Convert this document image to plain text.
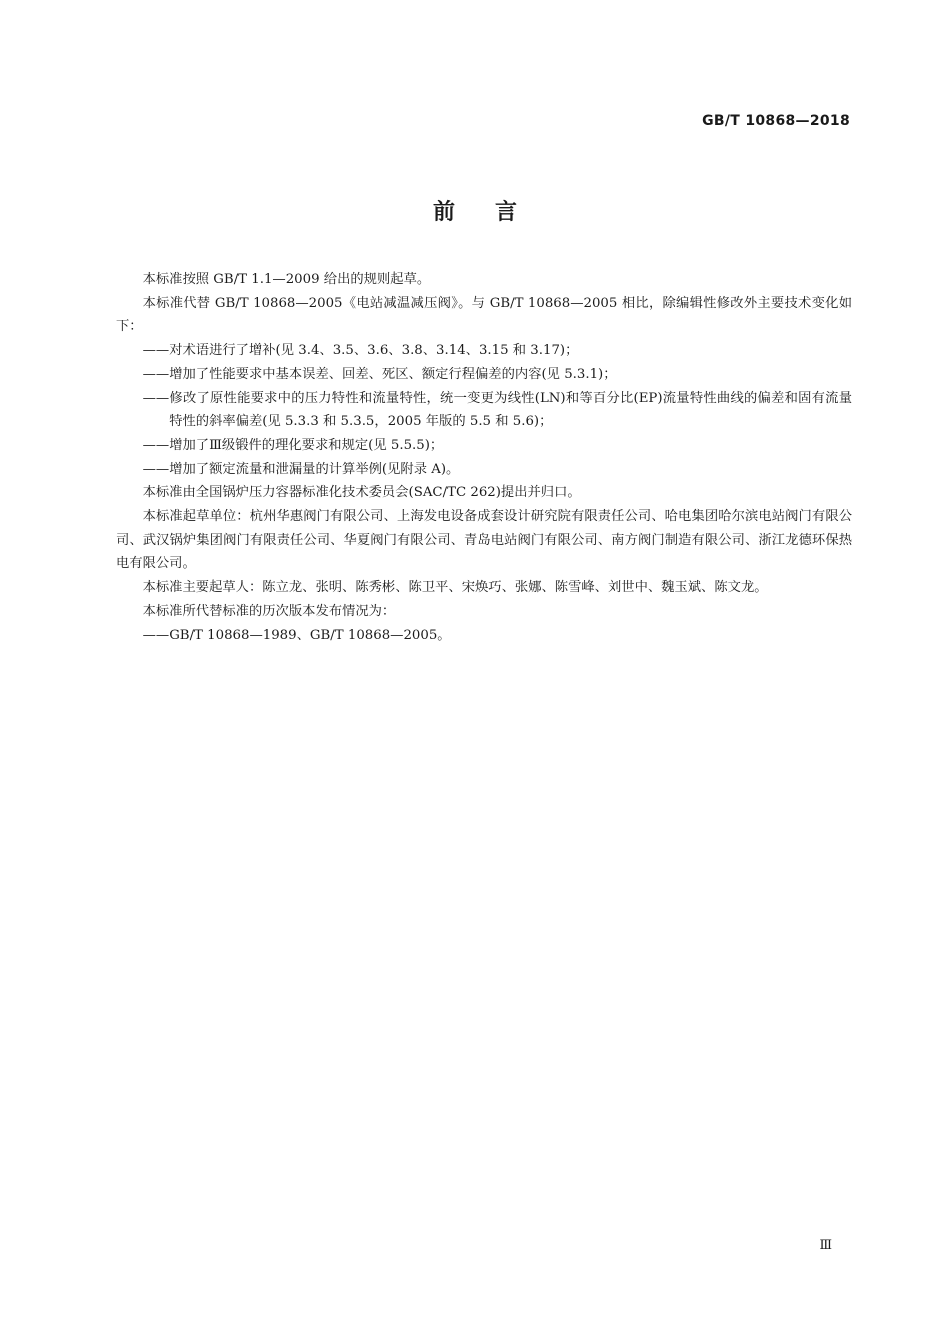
GB/T 10868—2018
前言

本标准按照 GB/T 1.1—2009 给出的规则起草。

本标准代替 GB/T 10868—2005《电站减温减压阀》。与 GB/T 10868—2005 相比，除编辑性修改外主要技术变化如下：

——对术语进行了增补(见 3.4、3.5、3.6、3.8、3.14、3.15 和 3.17)；

——增加了性能要求中基本误差、回差、死区、额定行程偏差的内容(见 5.3.1)；

——修改了原性能要求中的压力特性和流量特性，统一变更为线性(LN)和等百分比(EP)流量特性曲线的偏差和固有流量特性的斜率偏差(见 5.3.3 和 5.3.5，2005 年版的 5.5 和 5.6)；

——增加了Ⅲ级锻件的理化要求和规定(见 5.5.5)；

——增加了额定流量和泄漏量的计算举例(见附录 A)。

本标准由全国锅炉压力容器标准化技术委员会(SAC/TC 262)提出并归口。

本标准起草单位：杭州华惠阀门有限公司、上海发电设备成套设计研究院有限责任公司、哈电集团哈尔滨电站阀门有限公司、武汉锅炉集团阀门有限责任公司、华夏阀门有限公司、青岛电站阀门有限公司、南方阀门制造有限公司、浙江龙德环保热电有限公司。

本标准主要起草人：陈立龙、张明、陈秀彬、陈卫平、宋焕巧、张娜、陈雪峰、刘世中、魏玉斌、陈文龙。

本标准所代替标准的历次版本发布情况为：

——GB/T 10868—1989、GB/T 10868—2005。

Ⅲ
